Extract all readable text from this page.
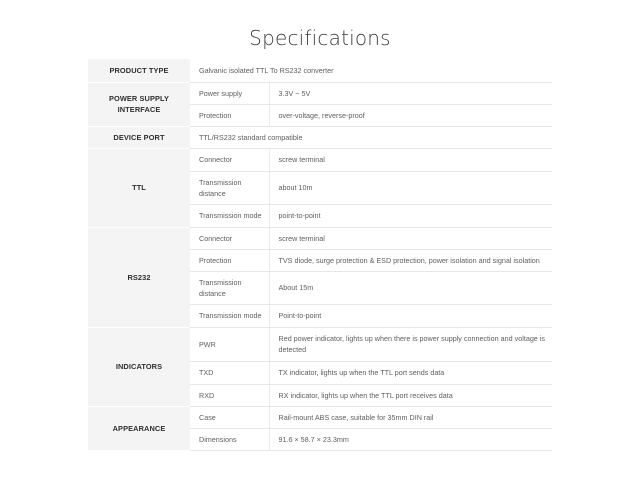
Specifications
PRODUCT TYPE	Galvanic isolated TTL To RS232 converter	
POWER SUPPLY INTERFACE	Power supply	3.3V ~ 5V
	Protection	over-voltage, reverse-proof
DEVICE PORT	TTL/RS232 standard compatible	
TTL	Connector	screw terminal
	Transmission distance	about 10m
	Transmission mode	point-to-point
RS232	Connector	screw terminal
	Protection	TVS diode, surge protection & ESD protection, power isolation and signal isolation
	Transmission distance	About 15m
	Transmission mode	Point-to-point
INDICATORS	PWR	Red power indicator, lights up when there is power supply connection and voltage is detected
	TXD	TX indicator, lights up when the TTL port sends data
	RXD	RX indicator, lights up when the TTL port receives data
APPEARANCE	Case	Rail-mount ABS case, suitable for 35mm DIN rail
	Dimensions	91.6 × 58.7 × 23.3mm
